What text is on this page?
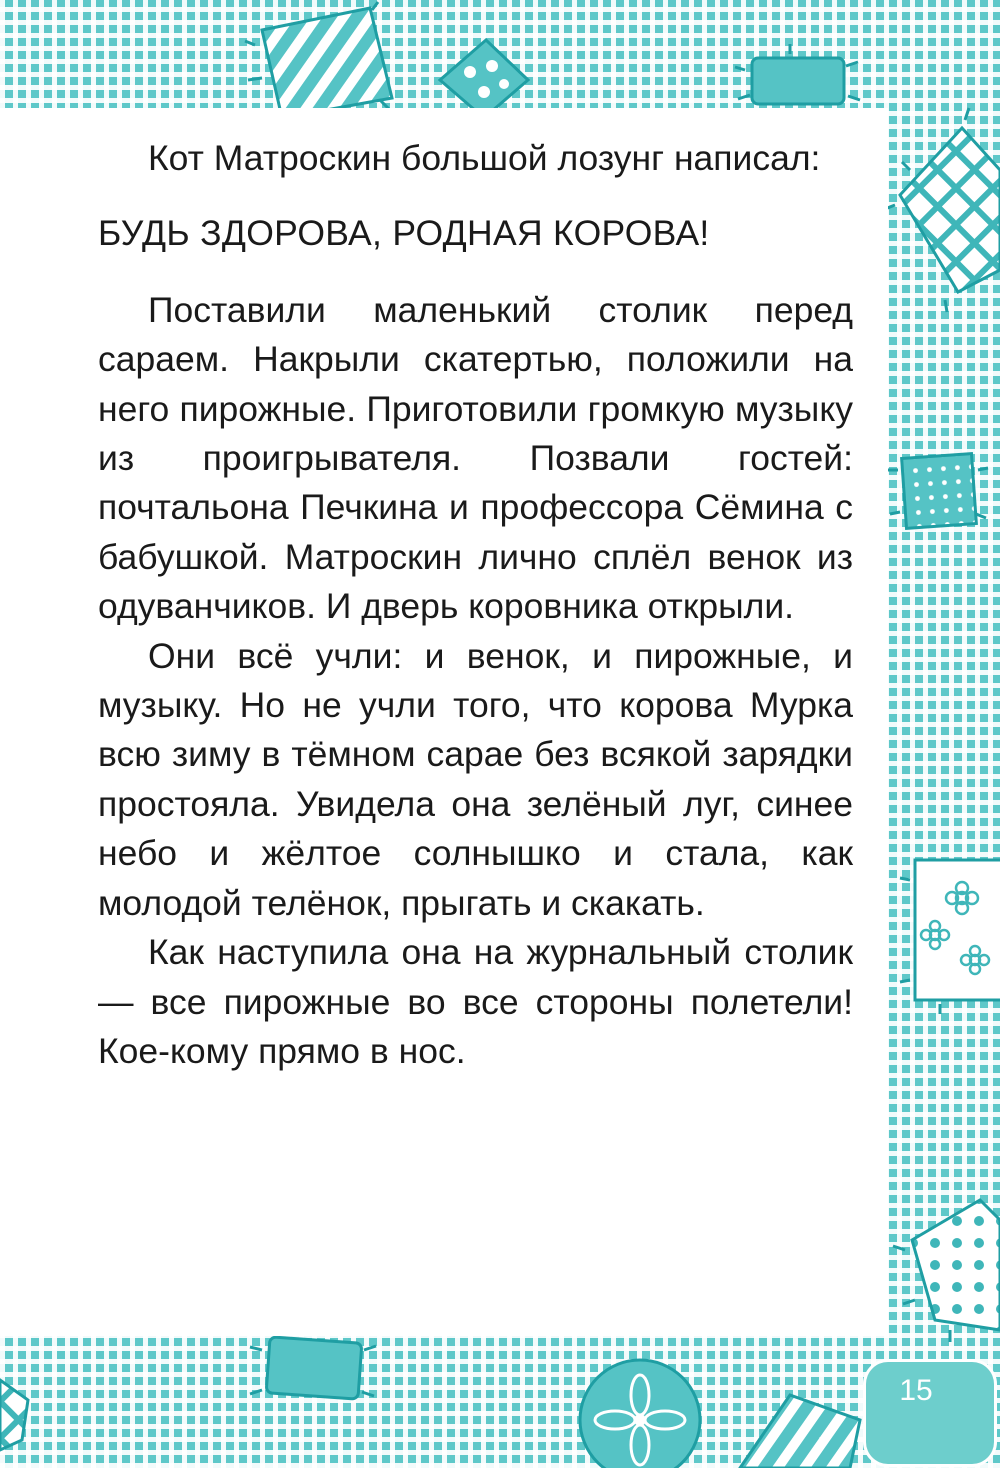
Кот Матроскин большой лозунг написал:

БУДЬ ЗДОРОВА, РОДНАЯ КОРОВА!

Поставили маленький столик перед сараем. Накрыли скатертью, положили на него пирожные. Приготовили громкую музыку из проигрывателя. Позвали гостей: почтальона Печкина и профессора Сёмина с бабушкой. Матроскин лично сплёл венок из одуванчиков. И дверь коровника открыли.

Они всё учли: и венок, и пирожные, и музыку. Но не учли того, что корова Мурка всю зиму в тёмном сарае без всякой зарядки простояла. Увидела она зелёный луг, синее небо и жёлтое солнышко и стала, как молодой телёнок, прыгать и скакать.

Как наступила она на журнальный столик — все пирожные во все стороны полетели! Кое-кому прямо в нос.

15
